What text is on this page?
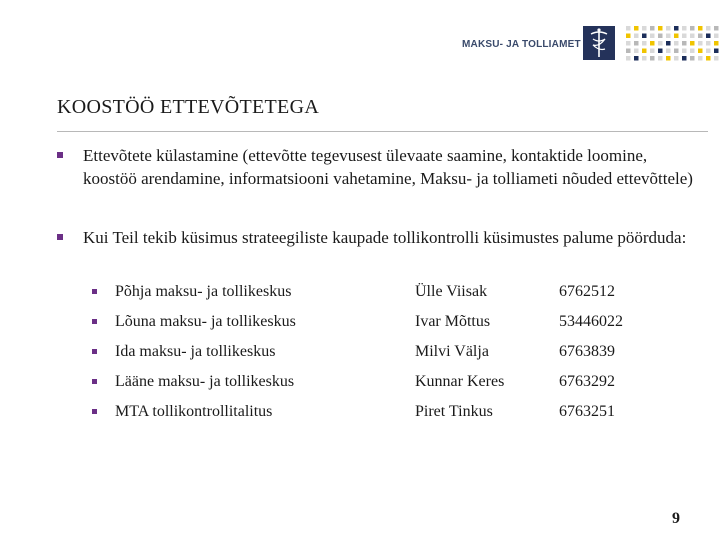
MAKSU- JA TOLLIAMET
KOOSTÖÖ ETTEVÕTETEGA
Ettevõtete külastamine (ettevõtte tegevusest ülevaate saamine, kontaktide loomine, koostöö arendamine, informatsiooni vahetamine, Maksu- ja tolliameti nõuded ettevõttele)
Kui Teil tekib küsimus strateegiliste kaupade tollikontrolli küsimustes palume pöörduda:
Põhja maksu- ja tollikeskus	Ülle Viisak	6762512
Lõuna maksu- ja tollikeskus	Ivar Mõttus	53446022
Ida maksu- ja tollikeskus	Milvi Välja	6763839
Lääne maksu- ja tollikeskus	Kunnar Keres	6763292
MTA tollikontrollitalitus	Piret Tinkus	6763251
9
